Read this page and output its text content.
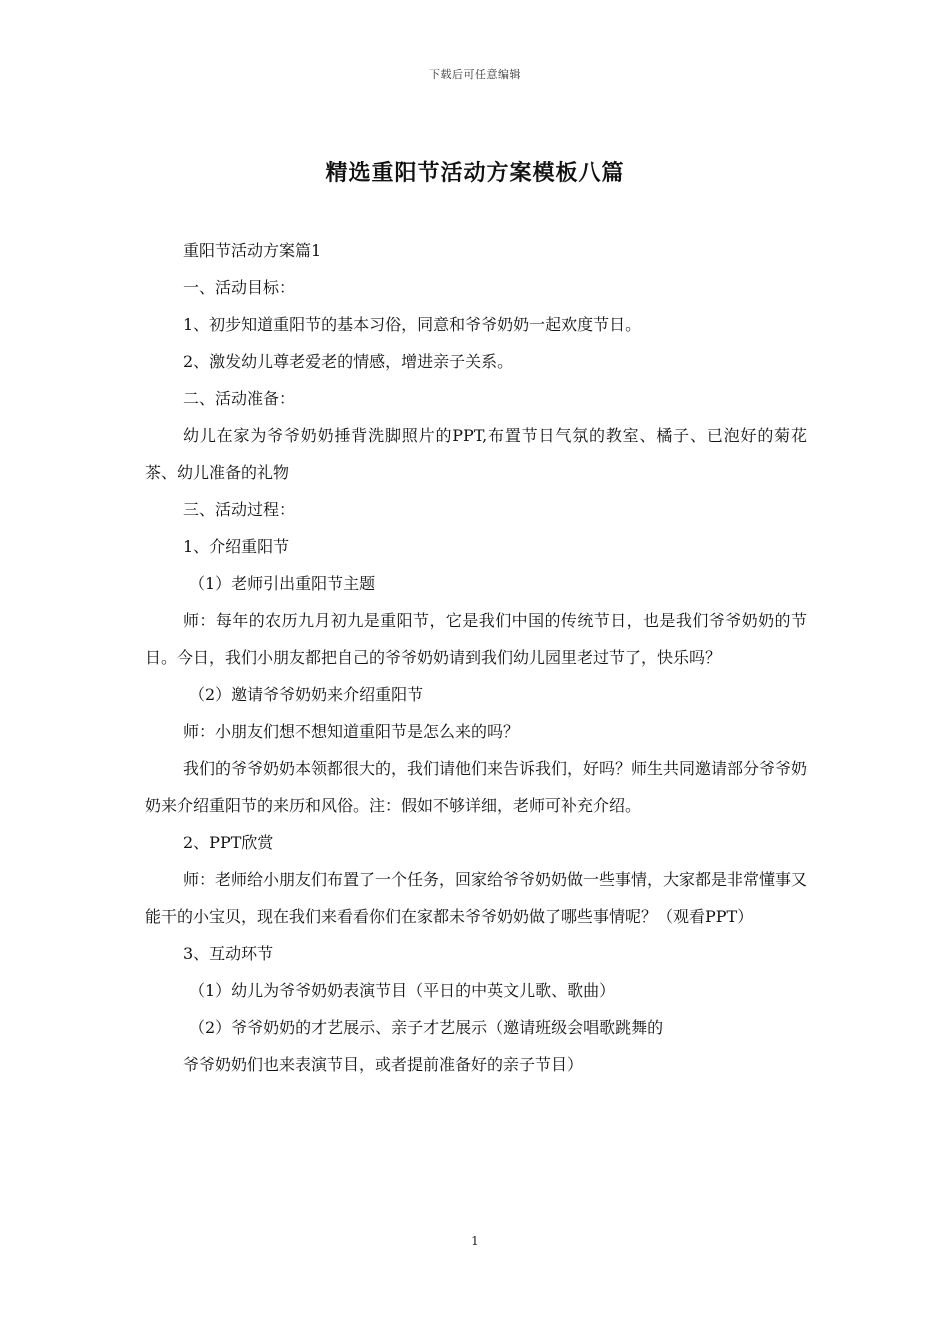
下载后可任意编辑
精选重阳节活动方案模板八篇

重阳节活动方案篇1

一、活动目标：

1、初步知道重阳节的基本习俗，同意和爷爷奶奶一起欢度节日。

2、激发幼儿尊老爱老的情感，增进亲子关系。

二、活动准备：

幼儿在家为爷爷奶奶捶背洗脚照片的PPT,布置节日气氛的教室、橘子、已泡好的菊花茶、幼儿准备的礼物

三、活动过程：

1、介绍重阳节

（1）老师引出重阳节主题

师：每年的农历九月初九是重阳节，它是我们中国的传统节日，也是我们爷爷奶奶的节日。今日，我们小朋友都把自己的爷爷奶奶请到我们幼儿园里老过节了，快乐吗？

（2）邀请爷爷奶奶来介绍重阳节

师：小朋友们想不想知道重阳节是怎么来的吗？

我们的爷爷奶奶本领都很大的，我们请他们来告诉我们，好吗？师生共同邀请部分爷爷奶奶来介绍重阳节的来历和风俗。注：假如不够详细，老师可补充介绍。

2、PPT欣赏

师：老师给小朋友们布置了一个任务，回家给爷爷奶奶做一些事情，大家都是非常懂事又能干的小宝贝，现在我们来看看你们在家都未爷爷奶奶做了哪些事情呢？（观看PPT）

3、互动环节

（1）幼儿为爷爷奶奶表演节目（平日的中英文儿歌、歌曲）

（2）爷爷奶奶的才艺展示、亲子才艺展示（邀请班级会唱歌跳舞的

爷爷奶奶们也来表演节目，或者提前准备好的亲子节目）

1
